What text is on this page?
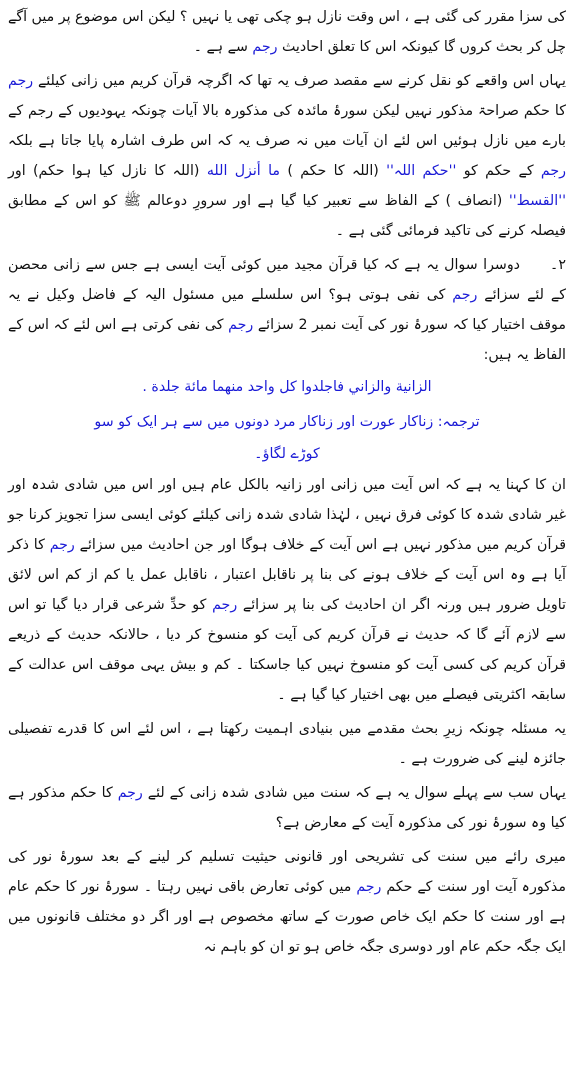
کی سزا مقرر کی گئی ہے ، اس وقت نازل ہو چکی تھی یا نہیں ؟ لیکن اس موضوع پر میں آگے چل کر بحث کروں گا کیونکہ اس کا تعلق احادیث رجم سے ہے ۔

یہاں اس واقعے کو نقل کرنے سے مقصد صرف یہ تھا کہ اگرچہ قرآن کریم میں زانی کیلئے رجم کا حکم صراحۃ مذکور نہیں لیکن سورۂ مائدہ کی مذکورہ بالا آیات چونکہ یہودیوں کے رجم کے بارے میں نازل ہوئیں اس لئے ان آیات میں نہ صرف یہ کہ اس طرف اشارہ پایا جاتا ہے بلکہ رجم کے حکم کو ''حکم اللہ'' (اللہ کا حکم ) ما أنزل الله (اللہ کا نازل کیا ہوا حکم) اور ''القسط'' (انصاف ) کے الفاظ سے تعبیر کیا گیا ہے اور سرورِ دوعالم ﷺ کو اس کے مطابق فیصلہ کرنے کی تاکید فرمائی گئی ہے ۔

۲۔دوسرا سوال یہ ہے کہ کیا قرآن مجید میں کوئی آیت ایسی ہے جس سے زانی محصن کے لئے سزائے رجم کی نفی ہوتی ہو؟ اس سلسلے میں مسئول الیہ کے فاضل وکیل نے یہ موقف اختیار کیا کہ سورۂ نور کی آیت نمبر 2 سزائے رجم کی نفی کرتی ہے اس لئے کہ اس کے الفاظ یہ ہیں:

الزانية والزاني فاجلدوا كل واحد منهما مائة جلدة .

ترجمہ: زناکار عورت اور زناکار مرد دونوں میں سے ہر ایک کو سو

کوڑے لگاؤ۔

ان کا کہنا یہ ہے کہ اس آیت میں زانی اور زانیہ بالکل عام ہیں اور اس میں شادی شدہ اور غیر شادی شدہ کا کوئی فرق نہیں ، لہٰذا شادی شدہ زانی کیلئے کوئی ایسی سزا تجویز کرنا جو قرآن کریم میں مذکور نہیں ہے اس آیت کے خلاف ہوگا اور جن احادیث میں سزائے رجم کا ذکر آیا ہے وہ اس آیت کے خلاف ہونے کی بنا پر ناقابل اعتبار ، ناقابل عمل یا کم از کم اس لائق تاویل ضرور ہیں ورنہ اگر ان احادیث کی بنا پر سزائے رجم کو حدِّ شرعی قرار دیا گیا تو اس سے لازم آئے گا کہ حدیث نے قرآن کریم کی آیت کو منسوخ کر دیا ، حالانکہ حدیث کے ذریعے قرآن کریم کی کسی آیت کو منسوخ نہیں کیا جاسکتا ۔ کم و بیش یہی موقف اس عدالت کے سابقہ اکثریتی فیصلے میں بھی اختیار کیا گیا ہے ۔

یہ مسئلہ چونکہ زیرِ بحث مقدمے میں بنیادی اہمیت رکھتا ہے ، اس لئے اس کا قدرے تفصیلی جائزہ لینے کی ضرورت ہے ۔

یہاں سب سے پہلے سوال یہ ہے کہ سنت میں شادی شدہ زانی کے لئے رجم کا حکم مذکور ہے کیا وہ سورۂ نور کی مذکورہ آیت کے معارض ہے؟

میری رائے میں سنت کی تشریحی اور قانونی حیثیت تسلیم کر لینے کے بعد سورۂ نور کی مذکورہ آیت اور سنت کے حکم رجم میں کوئی تعارض باقی نہیں رہتا ۔ سورۂ نور کا حکم عام ہے اور سنت کا حکم ایک خاص صورت کے ساتھ مخصوص ہے اور اگر دو مختلف قانونوں میں ایک جگہ حکم عام اور دوسری جگہ خاص ہو تو ان کو باہم نہ
